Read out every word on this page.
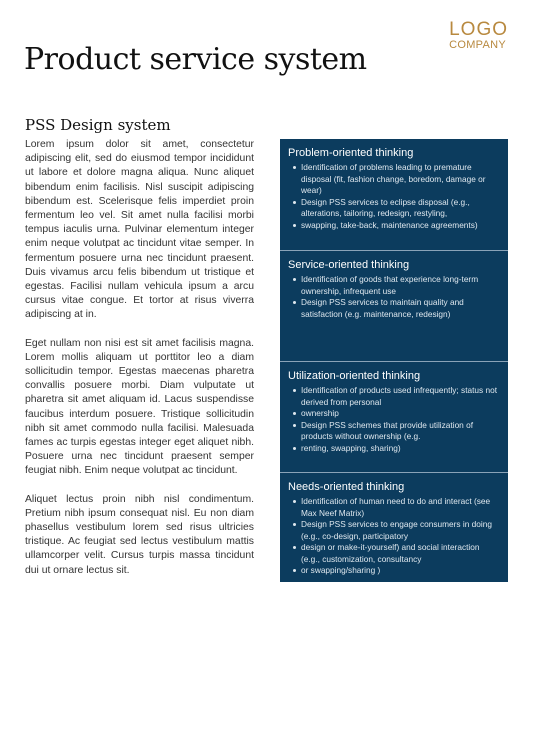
LOGO
COMPANY
Product service system
PSS Design system

Lorem ipsum dolor sit amet, consectetur adipiscing elit, sed do eiusmod tempor incididunt ut labore et dolore magna aliqua. Nunc aliquet bibendum enim facilisis. Nisl suscipit adipiscing bibendum est. Scelerisque felis imperdiet proin fermentum leo vel. Sit amet nulla facilisi morbi tempus iaculis urna. Pulvinar elementum integer enim neque volutpat ac tincidunt vitae semper. In fermentum posuere urna nec tincidunt praesent. Duis vivamus arcu felis bibendum ut tristique et egestas. Facilisi nullam vehicula ipsum a arcu cursus vitae congue. Et tortor at risus viverra adipiscing at in.

Eget nullam non nisi est sit amet facilisis magna. Lorem mollis aliquam ut porttitor leo a diam sollicitudin tempor. Egestas maecenas pharetra convallis posuere morbi. Diam vulputate ut pharetra sit amet aliquam id. Lacus suspendisse faucibus interdum posuere. Tristique sollicitudin nibh sit amet commodo nulla facilisi. Malesuada fames ac turpis egestas integer eget aliquet nibh. Posuere urna nec tincidunt praesent semper feugiat nibh. Enim neque volutpat ac tincidunt.

Aliquet lectus proin nibh nisl condimentum. Pretium nibh ipsum consequat nisl. Eu non diam phasellus vestibulum lorem sed risus ultricies tristique. Ac feugiat sed lectus vestibulum mattis ullamcorper velit. Cursus turpis massa tincidunt dui ut ornare lectus sit.

Problem-oriented thinking
Identification of problems leading to premature disposal (fit, fashion change, boredom, damage or wear)
Design PSS services to eclipse disposal (e.g., alterations, tailoring, redesign, restyling,
swapping, take-back, maintenance agreements)
Service-oriented thinking
Identification of goods that experience long-term ownership, infrequent use
Design PSS services to maintain quality and satisfaction (e.g. maintenance, redesign)
Utilization-oriented thinking
Identification of products used infrequently; status not derived from personal
ownership
Design PSS schemes that provide utilization of products without ownership (e.g.
renting, swapping, sharing)
Needs-oriented thinking
Identification of human need to do and interact (see Max Neef Matrix)
Design PSS services to engage consumers in doing (e.g., co-design, participatory
design or make-it-yourself) and social interaction (e.g., customization, consultancy
or swapping/sharing )
